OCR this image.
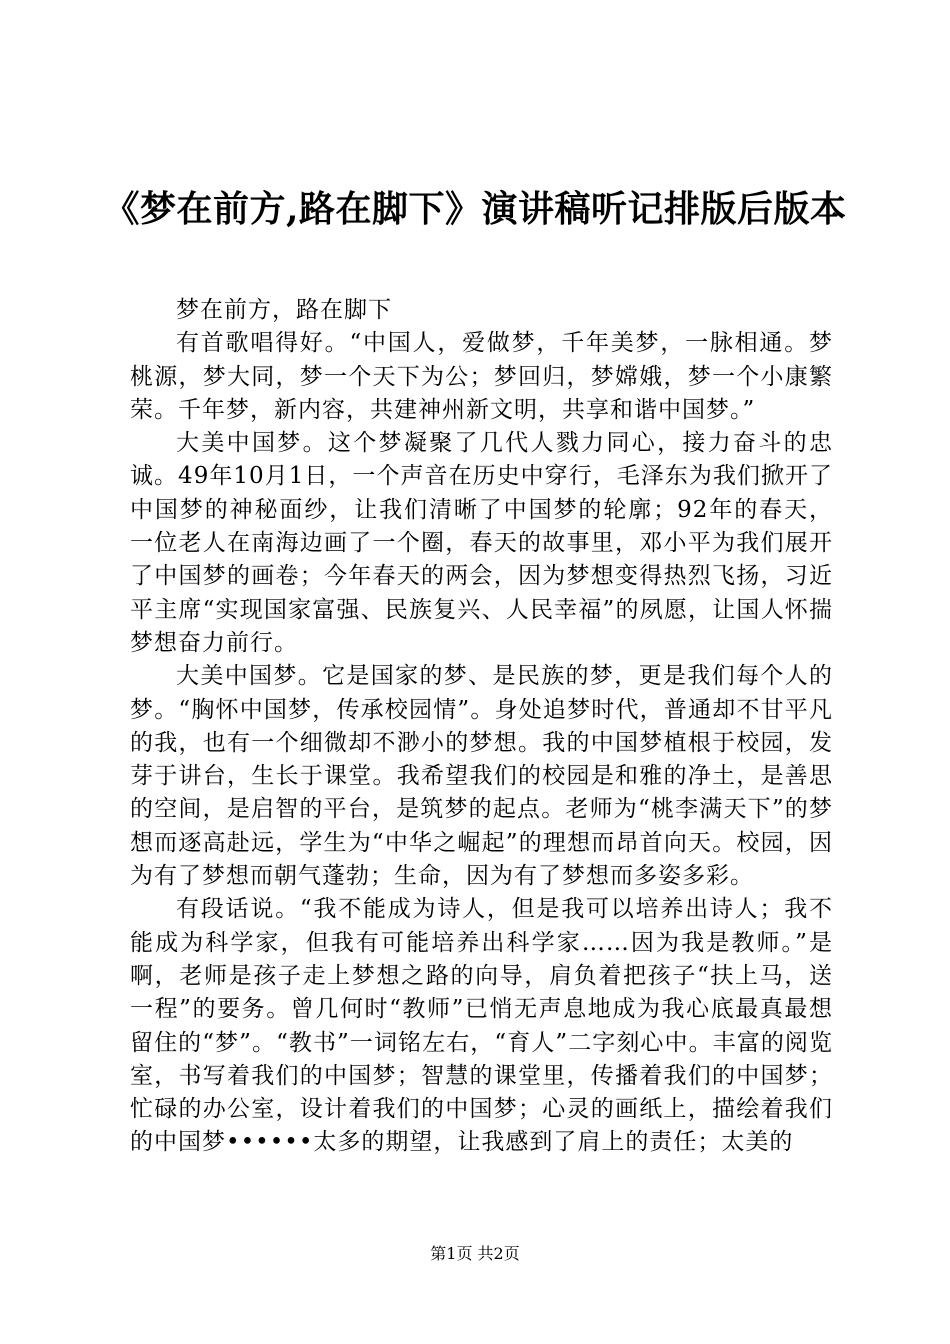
《梦在前方,路在脚下》演讲稿听记排版后版本

梦在前方，路在脚下

有首歌唱得好。“中国人，爱做梦，千年美梦，一脉相通。梦桃源，梦大同，梦一个天下为公；梦回归，梦嫦娥，梦一个小康繁荣。千年梦，新内容，共建神州新文明，共享和谐中国梦。”

大美中国梦。这个梦凝聚了几代人戮力同心，接力奋斗的忠诚。49年10月1日，一个声音在历史中穿行，毛泽东为我们掀开了中国梦的神秘面纱，让我们清晰了中国梦的轮廓；92年的春天，一位老人在南海边画了一个圈，春天的故事里，邓小平为我们展开了中国梦的画卷；今年春天的两会，因为梦想变得热烈飞扬，习近平主席“实现国家富强、民族复兴、人民幸福”的夙愿，让国人怀揣梦想奋力前行。

大美中国梦。它是国家的梦、是民族的梦，更是我们每个人的梦。“胸怀中国梦，传承校园情”。身处追梦时代，普通却不甘平凡的我，也有一个细微却不渺小的梦想。我的中国梦植根于校园，发芽于讲台，生长于课堂。我希望我们的校园是和雅的净土，是善思的空间，是启智的平台，是筑梦的起点。老师为“桃李满天下”的梦想而逐高赴远，学生为“中华之崛起”的理想而昂首向天。校园，因为有了梦想而朝气蓬勃；生命，因为有了梦想而多姿多彩。

有段话说。“我不能成为诗人，但是我可以培养出诗人；我不能成为科学家，但我有可能培养出科学家……因为我是教师。”是啊，老师是孩子走上梦想之路的向导，肩负着把孩子“扶上马，送一程”的要务。曾几何时“教师”已悄无声息地成为我心底最真最想留住的“梦”。“教书”一词铭左右，“育人”二字刻心中。丰富的阅览室，书写着我们的中国梦；智慧的课堂里，传播着我们的中国梦；忙碌的办公室，设计着我们的中国梦；心灵的画纸上，描绘着我们的中国梦••••••太多的期望，让我感到了肩上的责任；太美的

第1页 共2页
